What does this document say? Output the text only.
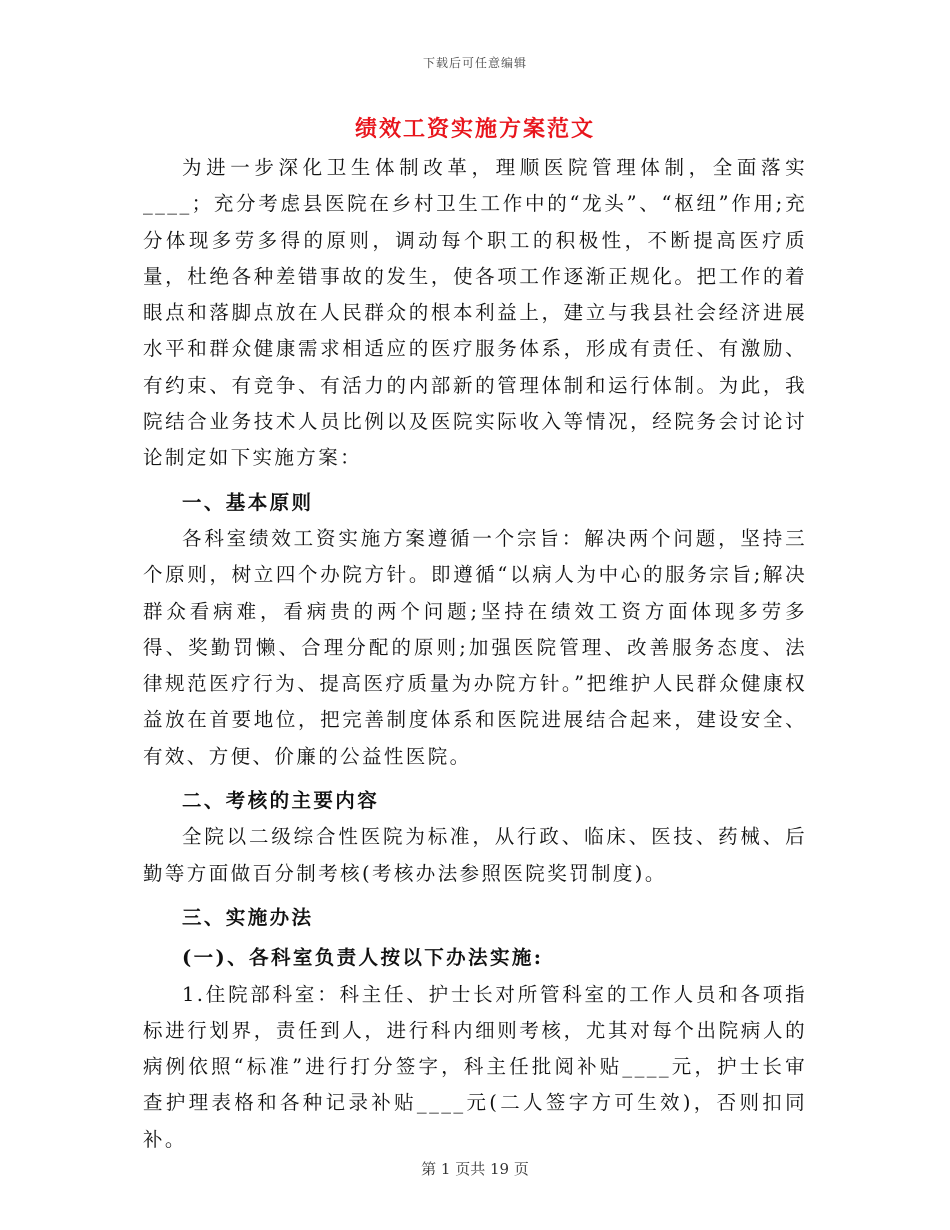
下载后可任意编辑
绩效工资实施方案范文

为进一步深化卫生体制改革，理顺医院管理体制，全面落实____；充分考虑县医院在乡村卫生工作中的“龙头”、“枢纽”作用;充分体现多劳多得的原则，调动每个职工的积极性，不断提高医疗质量，杜绝各种差错事故的发生，使各项工作逐渐正规化。把工作的着眼点和落脚点放在人民群众的根本利益上，建立与我县社会经济进展水平和群众健康需求相适应的医疗服务体系，形成有责任、有激励、有约束、有竞争、有活力的内部新的管理体制和运行体制。为此，我院结合业务技术人员比例以及医院实际收入等情况，经院务会讨论讨论制定如下实施方案：

一、基本原则

各科室绩效工资实施方案遵循一个宗旨：解决两个问题，坚持三个原则，树立四个办院方针。即遵循“以病人为中心的服务宗旨;解决群众看病难，看病贵的两个问题;坚持在绩效工资方面体现多劳多得、奖勤罚懒、合理分配的原则;加强医院管理、改善服务态度、法律规范医疗行为、提高医疗质量为办院方针。”把维护人民群众健康权益放在首要地位，把完善制度体系和医院进展结合起来，建设安全、有效、方便、价廉的公益性医院。

二、考核的主要内容

全院以二级综合性医院为标准，从行政、临床、医技、药械、后勤等方面做百分制考核(考核办法参照医院奖罚制度)。

三、实施办法
(一)、各科室负责人按以下办法实施:

1.住院部科室：科主任、护士长对所管科室的工作人员和各项指标进行划界，责任到人，进行科内细则考核，尤其对每个出院病人的病例依照“标准”进行打分签字，科主任批阅补贴____元，护士长审查护理表格和各种记录补贴____元(二人签字方可生效)，否则扣同补。

第 1 页共 19 页
